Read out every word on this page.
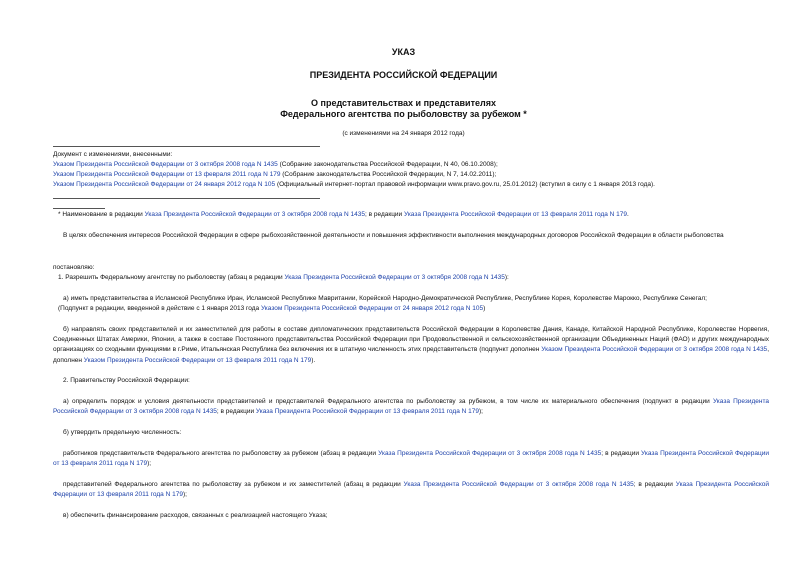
УКАЗ
ПРЕЗИДЕНТА РОССИЙСКОЙ ФЕДЕРАЦИИ
О представительствах и представителях
Федерального агентства по рыболовству за рубежом *
(с изменениями на 24 января 2012 года)
Документ с изменениями, внесенными:
Указом Президента Российской Федерации от 3 октября 2008 года N 1435 (Собрание законодательства Российской Федерации, N 40, 06.10.2008);
Указом Президента Российской Федерации от 13 февраля 2011 года N 179 (Собрание законодательства Российской Федерации, N 7, 14.02.2011);
Указом Президента Российской Федерации от 24 января 2012 года N 105 (Официальный интернет-портал правовой информации www.pravo.gov.ru, 25.01.2012) (вступил в силу с 1 января 2013 года).
* Наименование в редакции Указа Президента Российской Федерации от 3 октября 2008 года N 1435; в редакции Указа Президента Российской Федерации от 13 февраля 2011 года N 179.
В целях обеспечения интересов Российской Федерации в сфере рыбохозяйственной деятельности и повышения эффективности выполнения международных договоров Российской Федерации в области рыболовства
постановляю:
1. Разрешить Федеральному агентству по рыболовству (абзац в редакции Указа Президента Российской Федерации от 3 октября 2008 года N 1435):
а) иметь представительства в Исламской Республике Иран, Исламской Республике Мавритании, Корейской Народно-Демократической Республике, Республике Корея, Королевстве Марокко, Республике Сенегал;
(Подпункт в редакции, введенной в действие с 1 января 2013 года Указом Президента Российской Федерации от 24 января 2012 года N 105)
б) направлять своих представителей и их заместителей для работы в составе дипломатических представительств Российской Федерации в Королевстве Дания, Канаде, Китайской Народной Республике, Королевстве Норвегия, Соединенных Штатах Америки, Японии, а также в составе Постоянного представительства Российской Федерации при Продовольственной и сельскохозяйственной организации Объединенных Наций (ФАО) и других международных организациях со сходными функциями в г.Риме, Итальянская Республика без включения их в штатную численность этих представительств (подпункт дополнен Указом Президента Российской Федерации от 3 октября 2008 года N 1435, дополнен Указом Президента Российской Федерации от 13 февраля 2011 года N 179).
2. Правительству Российской Федерации:
а) определить порядок и условия деятельности представителей и представителей Федерального агентства по рыболовству за рубежом, в том числе их материального обеспечения (подпункт в редакции Указа Президента Российской Федерации от 3 октября 2008 года N 1435; в редакции Указа Президента Российской Федерации от 13 февраля 2011 года N 179);
б) утвердить предельную численность:
работников представительств Федерального агентства по рыболовству за рубежом (абзац в редакции Указа Президента Российской Федерации от 3 октября 2008 года N 1435; в редакции Указа Президента Российской Федерации от 13 февраля 2011 года N 179);
представителей Федерального агентства по рыболовству за рубежом и их заместителей (абзац в редакции Указа Президента Российской Федерации от 3 октября 2008 года N 1435; в редакции Указа Президента Российской Федерации от 13 февраля 2011 года N 179);
в) обеспечить финансирование расходов, связанных с реализацией настоящего Указа;
